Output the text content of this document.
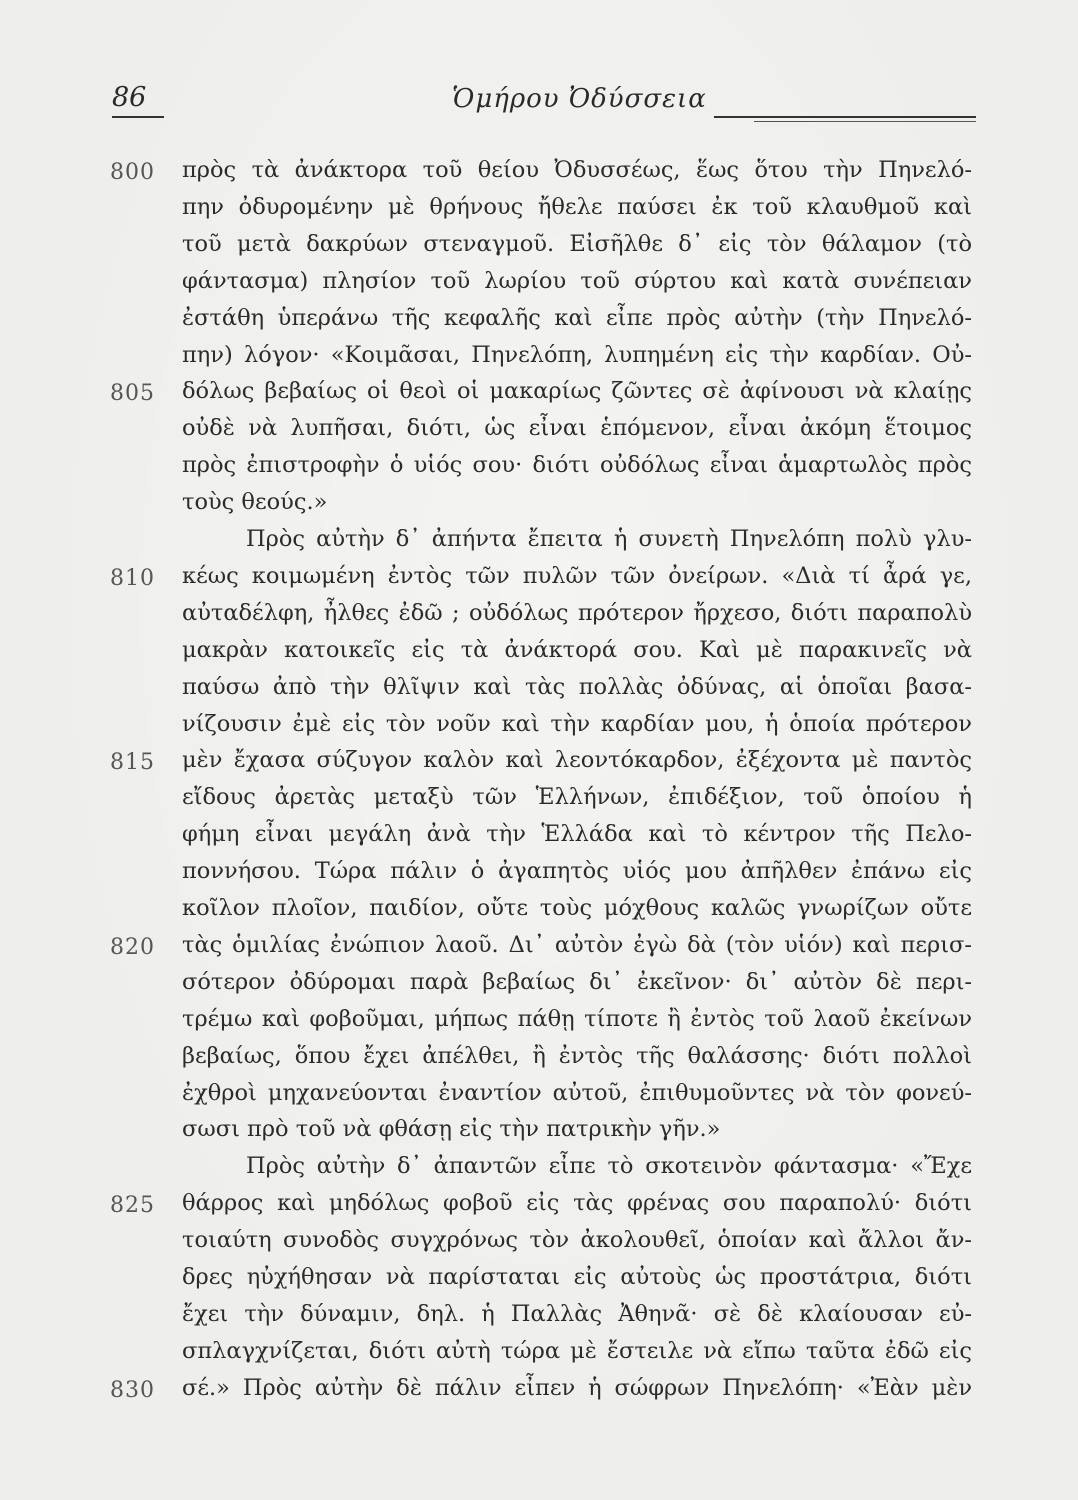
86	Ὁμήρου Ὀδύσσεια
800 πρὸς τὰ ἀνάκτορα τοῦ θείου Ὀδυσσέως, ἕως ὅτου τὴν Πηνελό-
πην ὀδυρομένην μὲ θρήνους ἤθελε παύσει ἐκ τοῦ κλαυθμοῦ καὶ
τοῦ μετὰ δακρύων στεναγμοῦ. Εἰσῆλθε δ᾿ εἰς τὸν θάλαμον (τὸ
φάντασμα) πλησίον τοῦ λωρίου τοῦ σύρτου καὶ κατὰ συνέπειαν
ἐστάθη ὑπεράνω τῆς κεφαλῆς καὶ εἶπε πρὸς αὐτὴν (τὴν Πηνελό-
πην) λόγον· «Κοιμᾶσαι, Πηνελόπη, λυπημένη εἰς τὴν καρδίαν. Οὐ-
805 δόλως βεβαίως οἱ θεοὶ οἱ μακαρίως ζῶντες σὲ ἀφίνουσι νὰ κλαίῃς
οὐδὲ νὰ λυπῆσαι, διότι, ὡς εἶναι ἑπόμενον, εἶναι ἀκόμη ἕτοιμος
πρὸς ἐπιστροφὴν ὁ υἱός σου· διότι οὐδόλως εἶναι ἁμαρτωλὸς πρὸς
τοὺς θεούς.»
Πρὸς αὐτὴν δ᾿ ἀπήντα ἔπειτα ἡ συνετὴ Πηνελόπη πολὺ γλυ-
810 κέως κοιμωμένη ἐντὸς τῶν πυλῶν τῶν ὀνείρων. «Διὰ τί ἆρά γε,
αὐταδέλφη, ἦλθες ἐδῶ ; οὐδόλως πρότερον ἤρχεσο, διότι παραπολὺ
μακρὰν κατοικεῖς εἰς τὰ ἀνάκτορά σου. Καὶ μὲ παρακινεῖς νὰ
παύσω ἀπὸ τὴν θλῖψιν καὶ τὰς πολλὰς ὀδύνας, αἱ ὁποῖαι βασα-
νίζουσιν ἐμὲ εἰς τὸν νοῦν καὶ τὴν καρδίαν μου, ἡ ὁποία πρότερον
815 μὲν ἔχασα σύζυγον καλὸν καὶ λεοντόκαρδον, ἐξέχοντα μὲ παντὸς
εἴδους ἀρετὰς μεταξὺ τῶν Ἑλλήνων, ἐπιδέξιον, τοῦ ὁποίου ἡ
φήμη εἶναι μεγάλη ἀνὰ τὴν Ἑλλάδα καὶ τὸ κέντρον τῆς Πελο-
ποννήσου. Τώρα πάλιν ὁ ἀγαπητὸς υἱός μου ἀπῆλθεν ἐπάνω εἰς
κοῖλον πλοῖον, παιδίον, οὔτε τοὺς μόχθους καλῶς γνωρίζων οὔτε
820 τὰς ὁμιλίας ἐνώπιον λαοῦ. Δι᾿ αὐτὸν ἐγὼ δὰ (τὸν υἱόν) καὶ περισ-
σότερον ὀδύρομαι παρὰ βεβαίως δι᾿ ἐκεῖνον· δι᾿ αὐτὸν δὲ περι-
τρέμω καὶ φοβοῦμαι, μήπως πάθῃ τίποτε ἢ ἐντὸς τοῦ λαοῦ ἐκείνων
βεβαίως, ὅπου ἔχει ἀπέλθει, ἢ ἐντὸς τῆς θαλάσσης· διότι πολλοὶ
ἐχθροὶ μηχανεύονται ἐναντίον αὐτοῦ, ἐπιθυμοῦντες νὰ τὸν φονεύ-
σωσι πρὸ τοῦ νὰ φθάσῃ εἰς τὴν πατρικὴν γῆν.»
Πρὸς αὐτὴν δ᾿ ἀπαντῶν εἶπε τὸ σκοτεινὸν φάντασμα· «Ἔχε
825 θάρρος καὶ μηδόλως φοβοῦ εἰς τὰς φρένας σου παραπολύ· διότι
τοιαύτη συνοδὸς συγχρόνως τὸν ἀκολουθεῖ, ὁποίαν καὶ ἄλλοι ἄν-
δρες ηὐχήθησαν νὰ παρίσταται εἰς αὐτοὺς ὡς προστάτρια, διότι
ἔχει τὴν δύναμιν, δηλ. ἡ Παλλὰς Ἀθηνᾶ· σὲ δὲ κλαίουσαν εὐ-
σπλαγχνίζεται, διότι αὐτὴ τώρα μὲ ἔστειλε νὰ εἴπω ταῦτα ἐδῶ εἰς
830 σέ.» Πρὸς αὐτὴν δὲ πάλιν εἶπεν ἡ σώφρων Πηνελόπη· «Ἐὰν μὲν
